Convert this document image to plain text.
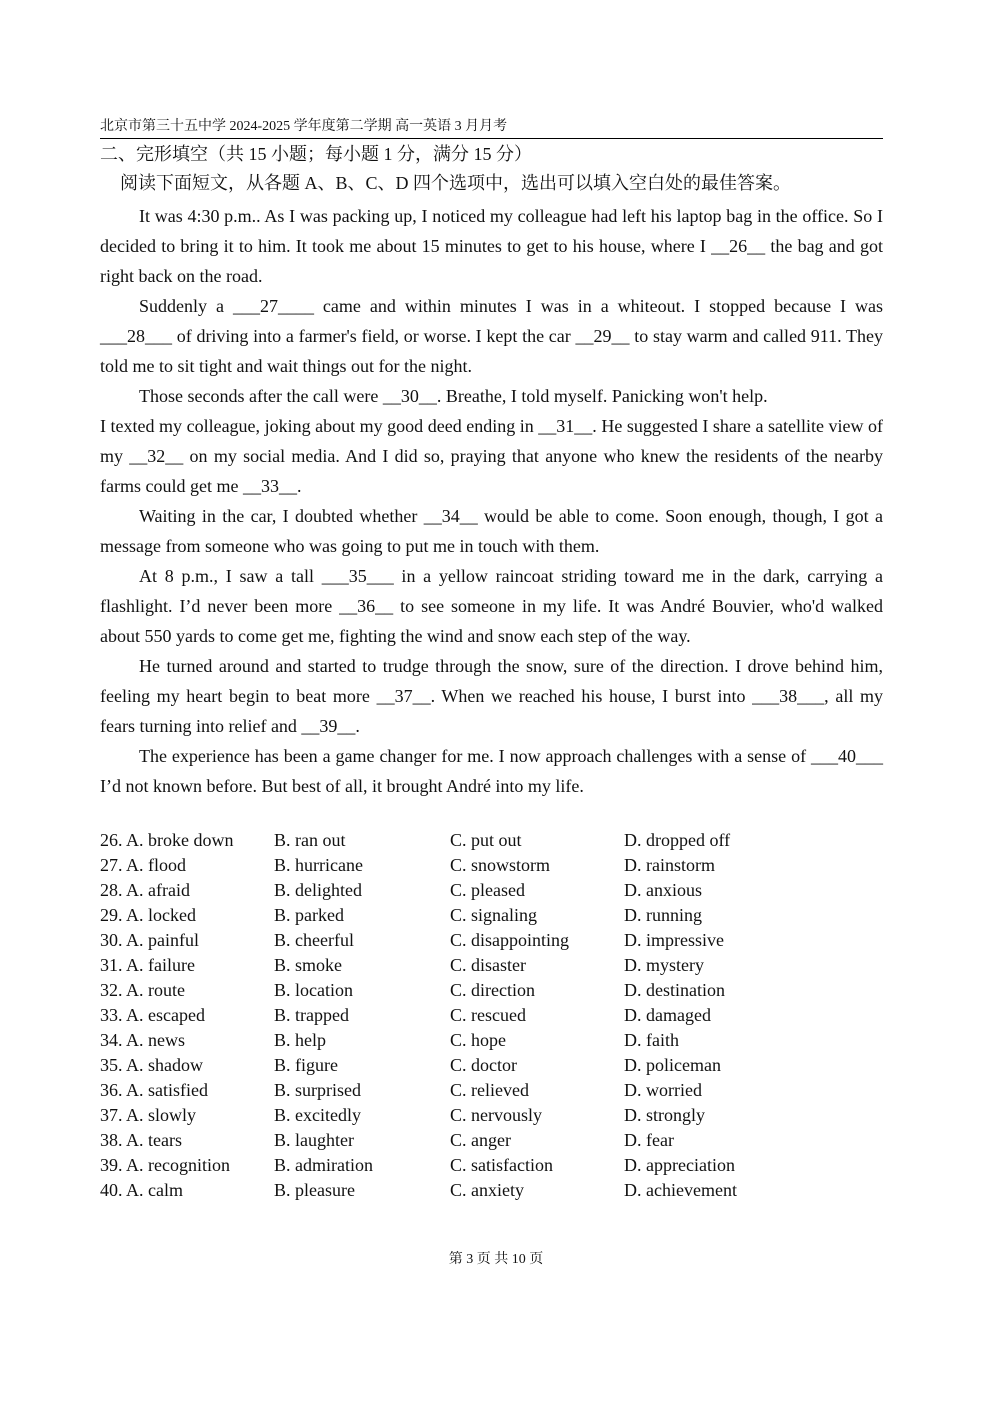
北京市第三十五中学 2024-2025 学年度第二学期 高一英语 3 月月考
二、完形填空（共 15 小题；每小题 1 分，满分 15 分）
阅读下面短文，从各题 A、B、C、D 四个选项中，选出可以填入空白处的最佳答案。

It was 4:30 p.m.. As I was packing up, I noticed my colleague had left his laptop bag in the office. So I decided to bring it to him. It took me about 15 minutes to get to his house, where I __26__ the bag and got right back on the road.

Suddenly a ___27____ came and within minutes I was in a whiteout. I stopped because I was ___28___ of driving into a farmer's field, or worse. I kept the car __29__ to stay warm and called 911. They told me to sit tight and wait things out for the night.

Those seconds after the call were __30__. Breathe, I told myself. Panicking won't help.

I texted my colleague, joking about my good deed ending in __31__. He suggested I share a satellite view of my __32__ on my social media. And I did so, praying that anyone who knew the residents of the nearby farms could get me __33__.

Waiting in the car, I doubted whether __34__ would be able to come. Soon enough, though, I got a message from someone who was going to put me in touch with them.

At 8 p.m., I saw a tall ___35___ in a yellow raincoat striding toward me in the dark, carrying a flashlight. I’d never been more __36__ to see someone in my life. It was André Bouvier, who'd walked about 550 yards to come get me, fighting the wind and snow each step of the way.

He turned around and started to trudge through the snow, sure of the direction. I drove behind him, feeling my heart begin to beat more __37__. When we reached his house, I burst into ___38___, all my fears turning into relief and __39__.

The experience has been a game changer for me. I now approach challenges with a sense of ___40___ I’d not known before. But best of all, it brought André into my life.

26. A. broke down	B. ran out	C. put out	D. dropped off
27. A. flood	B. hurricane	C. snowstorm	D. rainstorm
28. A. afraid	B. delighted	C. pleased	D. anxious
29. A. locked	B. parked	C. signaling	D. running
30. A. painful	B. cheerful	C. disappointing	D. impressive
31. A. failure	B. smoke	C. disaster	D. mystery
32. A. route	B. location	C. direction	D. destination
33. A. escaped	B. trapped	C. rescued	D. damaged
34. A. news	B. help	C. hope	D. faith
35. A. shadow	B. figure	C. doctor	D. policeman
36. A. satisfied	B. surprised	C. relieved	D. worried
37. A. slowly	B. excitedly	C. nervously	D. strongly
38. A. tears	B. laughter	C. anger	D. fear
39. A. recognition	B. admiration	C. satisfaction	D. appreciation
40. A. calm	B. pleasure	C. anxiety	D. achievement
第 3 页 共 10 页
